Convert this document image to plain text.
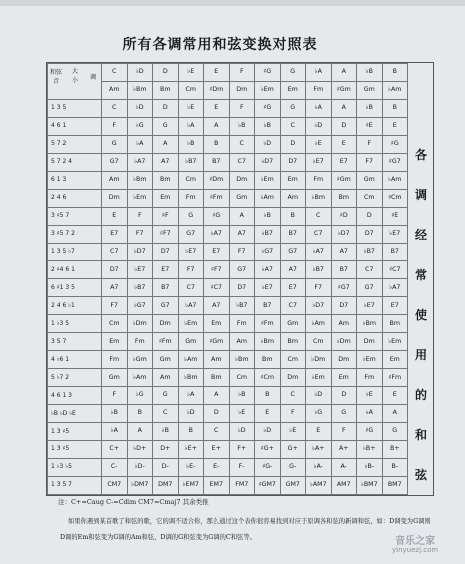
所有各调常用和弦变换对照表
和弦音
大小 调	C	♭D	D	♭E	E	F	♯G	G	♭A	A	♭B	B
	Am	♭Bm	Bm	Cm	♯Dm	Dm	♭Em	Em	Fm	♯Gm	Gm	♭Am
1 3 5	C	♭D	D	♭E	E	F	♯G	G	♭A	A	♭B	B
4 6 1	F	♭G	G	♭A	A	♭B	♭B	C	♭D	D	♯E	E
5 7 2	G	♭A	A	♭B	B	C	♭D	D	♭E	E	F	♯G
5 7 2 4	G7	♭A7	A7	♭B7	B7	C7	♭D7	D7	♭E7	E7	F7	♯G7
6 1 3	Am	♭Bm	Bm	Cm	♯Dm	Dm	♭Em	Em	Fm	♯Gm	Gm	♭Am
2 4 6	Dm	♭Em	Em	Fm	♯Fm	Gm	♭Am	Am	♭Bm	Bm	Cm	♯Cm
3 ♯5 7	E	F	♯F	G	♯G	A	♭B	B	C	♯D	D	♯E
3 ♯5 7 2	E7	F7	♯F7	G7	♭A7	A7	♭B7	B7	C7	♭D7	D7	♭E7
1 3 5 ♭7	C7	♭D7	D7	♭E7	E7	F7	♭G7	G7	♭A7	A7	♭B7	B7
2 ♯4 6 1	D7	♭E7	E7	F7	♯F7	G7	♭A7	A7	♭B7	B7	C7	♯C7
6 ♯1 3 5	A7	♭B7	B7	C7	♯C7	D7	♭E7	E7	F7	♯G7	G7	♭A7
2 4 6 ♭1	F7	♭G7	G7	♭A7	A7	♭B7	B7	C7	♭D7	D7	♭E7	E7
1 ♭3 5	Cm	♭Dm	Dm	♭Em	Em	Fm	♯Fm	Gm	♭Am	Am	♭Bm	Bm
3 5 7	Em	Fm	♯Fm	Gm	♯Gm	Am	♭Bm	Bm	Cm	♭Dm	Dm	♭Em
4 ♭6 1	Fm	♭Gm	Gm	♭Am	Am	♭Bm	Bm	Cm	♭Dm	Dm	♭Em	Em
5 ♭7 2	Gm	♭Am	Am	♭Bm	Bm	Cm	♯Cm	Dm	♭Em	Em	Fm	♯Fm
4 6 1 3	F	♭G	G	♭A	A	♭B	B	C	♭D	D	♭E	E
♭B ♭D ♭E	♭B	B	C	♭D	D	♭E	E	F	♭G	G	♭A	A
1 3 ♯5	♭A	A	♭B	B	C	♭D	♭D	♭E	E	F	♯G	G
1 3 ♯5	C+	♭D+	D+	♭E+	E+	F+	♯G+	G+	♭A+	A+	♭B+	B+
1 ♭3 ♭5	C-	♭D-	D-	♭E-	E-	F-	♯G-	G-	♭A-	A-	♭B-	B-
1 3 5 7	CM7	♭DM7	DM7	♭EM7	EM7	FM7	♯GM7	GM7	♭AM7	AM7	♭BM7	BM7
各
调
经
常
使
用
的
和
弦
注：C+=Caug C-=Cdim CM7=Cmaj7 其余类推
如果你遇到某首歌了和弦的歌，它的调不适合你，那么通过这个表你很容易找到对应于原调各和弦的新调和弦，如：D调变为G调则D调的Em和弦变为G调的Am和弦，D调的G和弦变为G调的C和弦等。	音乐之家
yinyuezj.com
